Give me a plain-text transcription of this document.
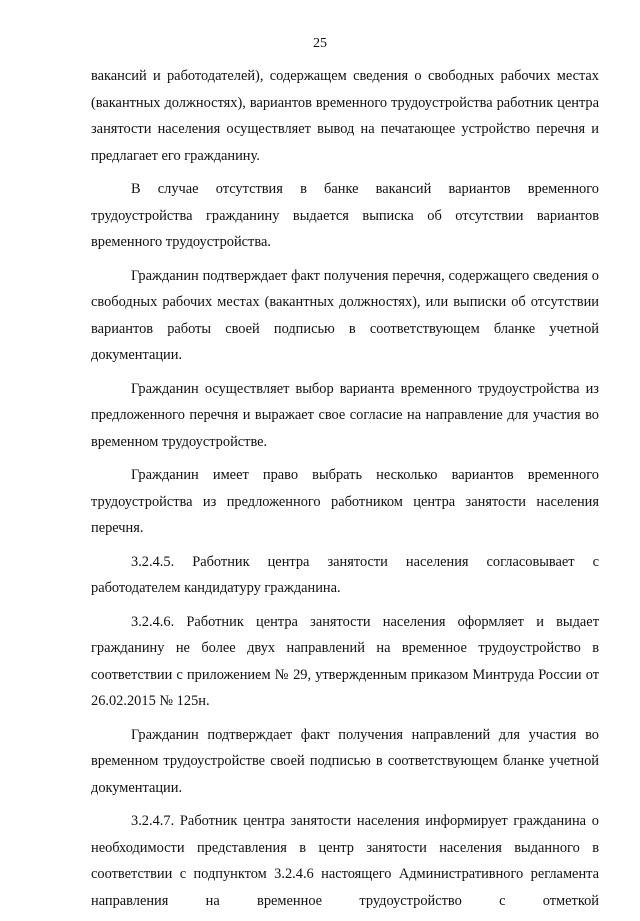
25

вакансий и работодателей), содержащем сведения о свободных рабочих местах (вакантных должностях), вариантов временного трудоустройства работник центра занятости населения осуществляет вывод на печатающее устройство перечня и предлагает его гражданину.

В случае отсутствия в банке вакансий вариантов временного трудоустройства гражданину выдается выписка об отсутствии вариантов временного трудоустройства.

Гражданин подтверждает факт получения перечня, содержащего сведения о свободных рабочих местах (вакантных должностях), или выписки об отсутствии вариантов работы своей подписью в соответствующем бланке учетной документации.

Гражданин осуществляет выбор варианта временного трудоустройства из предложенного перечня и выражает свое согласие на направление для участия во временном трудоустройстве.

Гражданин имеет право выбрать несколько вариантов временного трудоустройства из предложенного работником центра занятости населения перечня.

3.2.4.5. Работник центра занятости населения согласовывает с работодателем кандидатуру гражданина.

3.2.4.6. Работник центра занятости населения оформляет и выдает гражданину не более двух направлений на временное трудоустройство в соответствии с приложением № 29, утвержденным приказом Минтруда России от 26.02.2015 № 125н.

Гражданин подтверждает факт получения направлений для участия во временном трудоустройстве своей подписью в соответствующем бланке учетной документации.

3.2.4.7. Работник центра занятости населения информирует гражданина о необходимости представления в центр занятости населения выданного в соответствии с подпунктом 3.2.4.6 настоящего Административного регламента направления на временное трудоустройство с отметкой
